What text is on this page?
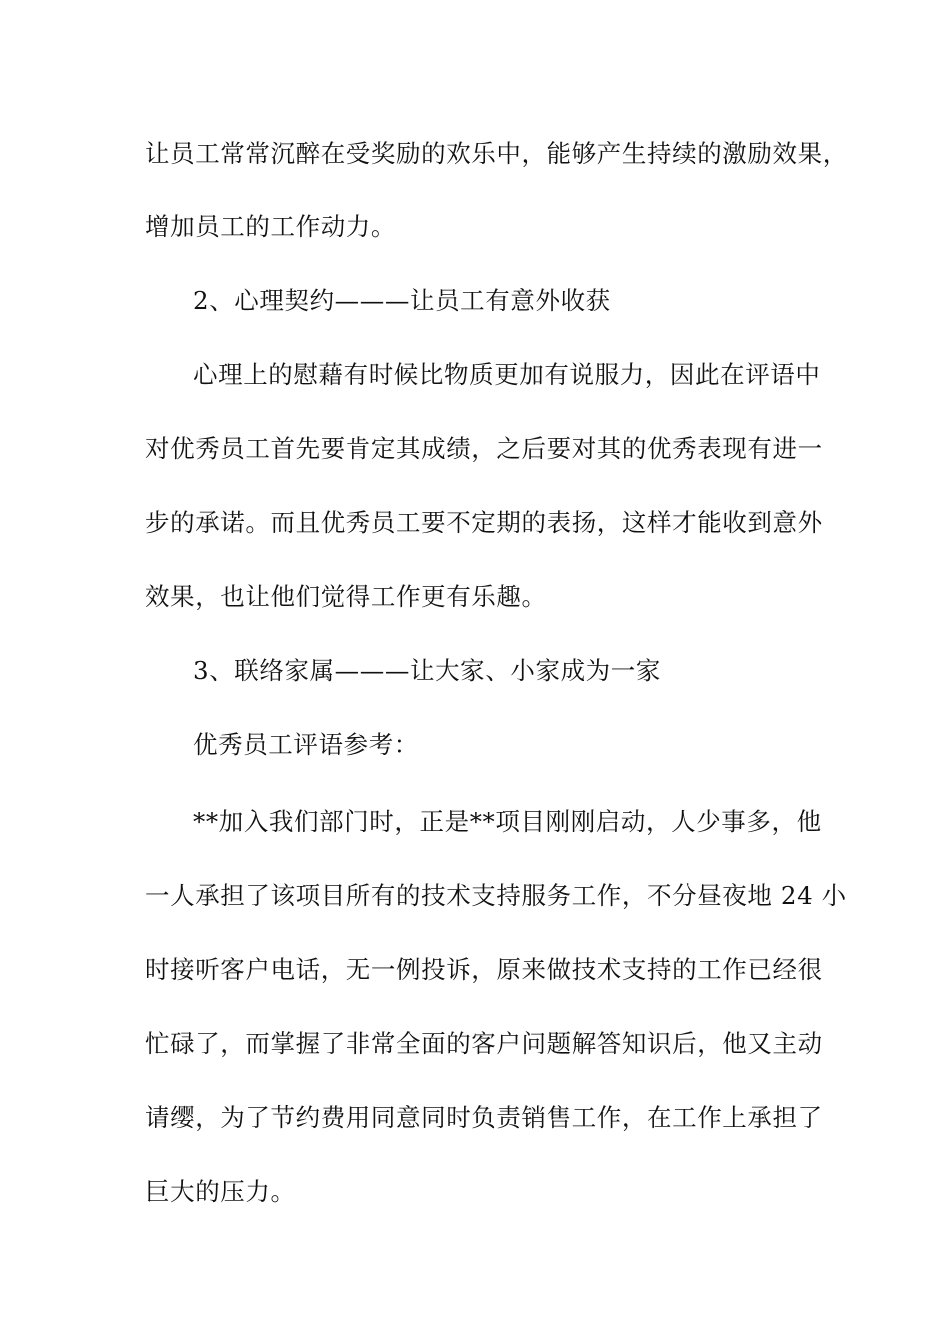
让员工常常沉醉在受奖励的欢乐中，能够产生持续的激励效果，
增加员工的工作动力。
2、心理契约———让员工有意外收获
心理上的慰藉有时候比物质更加有说服力，因此在评语中
对优秀员工首先要肯定其成绩，之后要对其的优秀表现有进一
步的承诺。而且优秀员工要不定期的表扬，这样才能收到意外
效果，也让他们觉得工作更有乐趣。
3、联络家属———让大家、小家成为一家
优秀员工评语参考：
**加入我们部门时，正是**项目刚刚启动，人少事多，他
一人承担了该项目所有的技术支持服务工作，不分昼夜地 24 小
时接听客户电话，无一例投诉，原来做技术支持的工作已经很
忙碌了，而掌握了非常全面的客户问题解答知识后，他又主动
请缨，为了节约费用同意同时负责销售工作，在工作上承担了
巨大的压力。
